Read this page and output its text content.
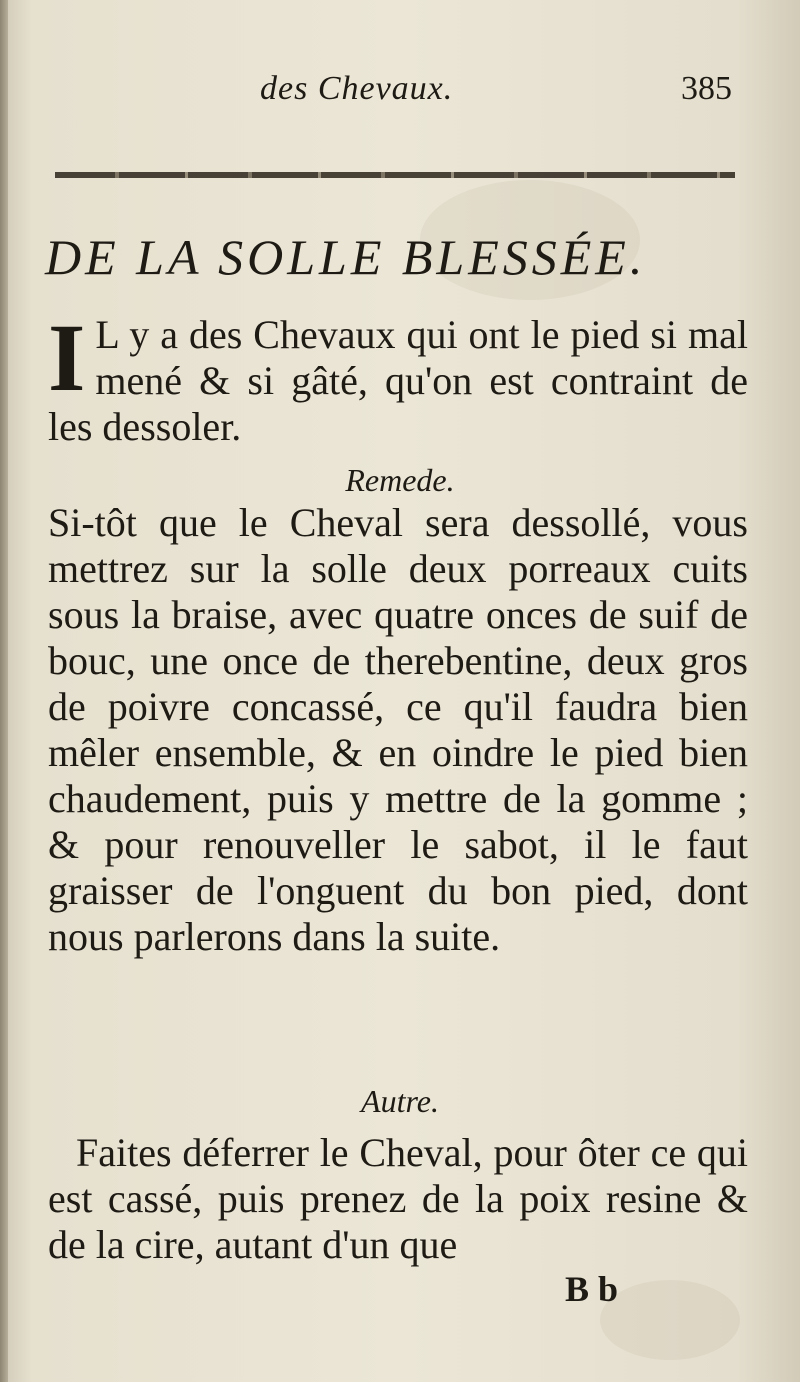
des Chevaux.	385
DE LA SOLLE BLESSÉE.
I L y a des Chevaux qui ont le pied si mal mené & si gâté, qu'on est contraint de les dessoler.
Remede.
Si-tôt que le Cheval sera dessollé, vous mettrez sur la solle deux porreaux cuits sous la braise, avec quatre onces de suif de bouc, une once de therebentine, deux gros de poivre concassé, ce qu'il faudra bien mêler ensemble, & en oindre le pied bien chaudement, puis y mettre de la gomme ; & pour renouveller le sabot, il le faut graisser de l'onguent du bon pied, dont nous parlerons dans la suite.
Autre.
Faites déferrer le Cheval, pour ôter ce qui est cassé, puis prenez de la poix resine & de la cire, autant d'un que
B b
